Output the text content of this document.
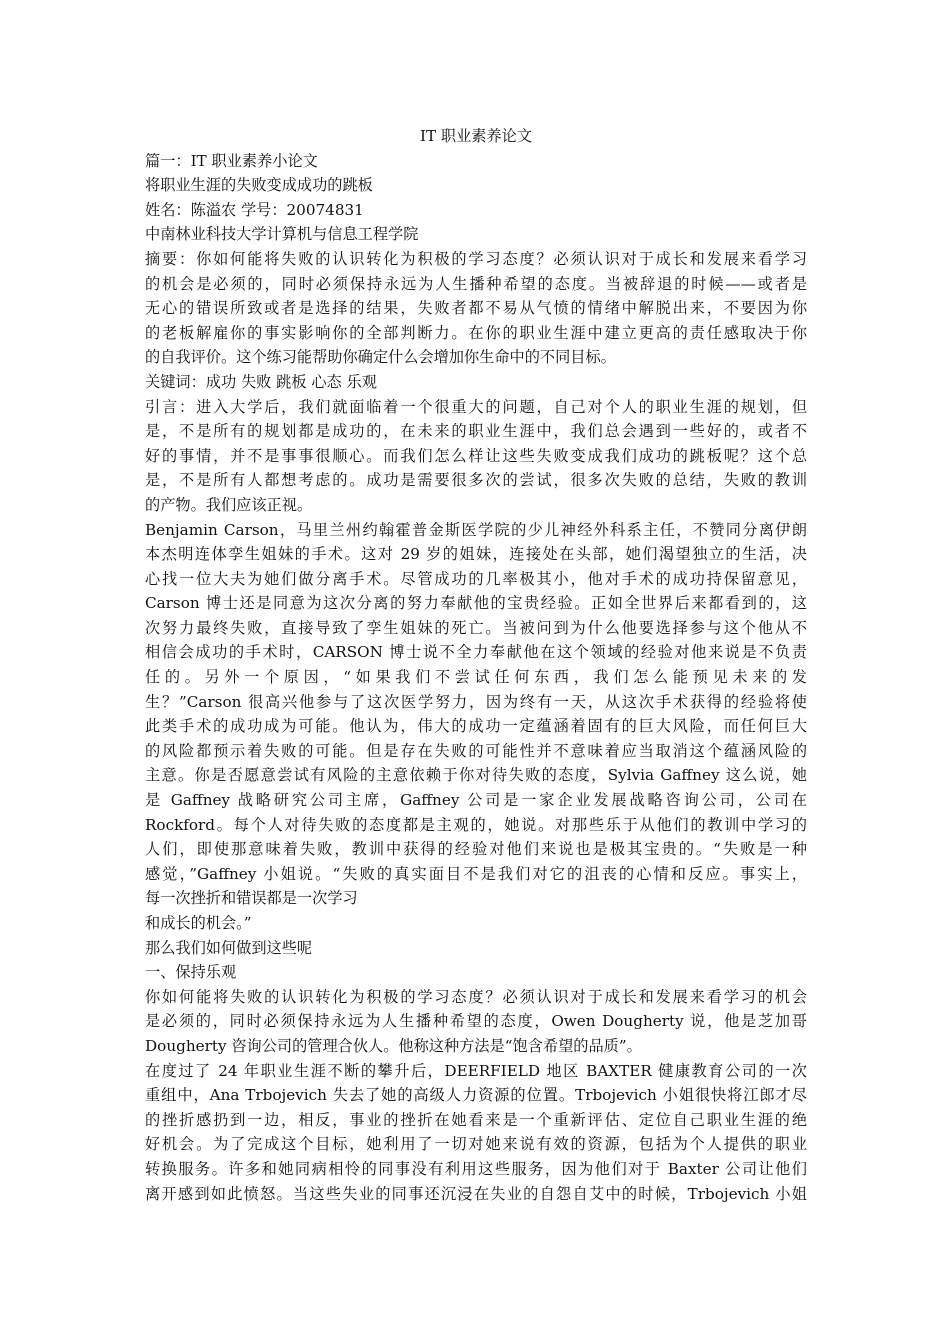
IT 职业素养论文
篇一：IT 职业素养小论文
将职业生涯的失败变成成功的跳板
姓名：陈溢农 学号：20074831
中南林业科技大学计算机与信息工程学院
摘要：你如何能将失败的认识转化为积极的学习态度？必须认识对于成长和发展来看学习
的机会是必须的，同时必须保持永远为人生播种希望的态度。当被辞退的时候——或者是
无心的错误所致或者是选择的结果，失败者都不易从气愤的情绪中解脱出来，不要因为你
的老板解雇你的事实影响你的全部判断力。在你的职业生涯中建立更高的责任感取决于你
的自我评价。这个练习能帮助你确定什么会增加你生命中的不同目标。
关键词：成功 失败 跳板 心态 乐观
引言：进入大学后，我们就面临着一个很重大的问题，自己对个人的职业生涯的规划，但
是，不是所有的规划都是成功的，在未来的职业生涯中，我们总会遇到一些好的，或者不
好的事情，并不是事事很顺心。而我们怎么样让这些失败变成我们成功的跳板呢？这个总
是，不是所有人都想考虑的。成功是需要很多次的尝试，很多次失败的总结，失败的教训
的产物。我们应该正视。
Benjamin Carson，马里兰州约翰霍普金斯医学院的少儿神经外科系主任，不赞同分离伊朗
本杰明连体孪生姐妹的手术。这对 29 岁的姐妹，连接处在头部，她们渴望独立的生活，决
心找一位大夫为她们做分离手术。尽管成功的几率极其小，他对手术的成功持保留意见，
Carson 博士还是同意为这次分离的努力奉献他的宝贵经验。正如全世界后来都看到的，这
次努力最终失败，直接导致了孪生姐妹的死亡。当被问到为什么他要选择参与这个他从不
相信会成功的手术时，CARSON 博士说不全力奉献他在这个领域的经验对他来说是不负责
任的。另外一个原因，“如果我们不尝试任何东西，我们怎么能预见未来的发
生？”Carson 很高兴他参与了这次医学努力，因为终有一天，从这次手术获得的经验将使
此类手术的成功成为可能。他认为，伟大的成功一定蕴涵着固有的巨大风险，而任何巨大
的风险都预示着失败的可能。但是存在失败的可能性并不意味着应当取消这个蕴涵风险的
主意。你是否愿意尝试有风险的主意依赖于你对待失败的态度，Sylvia Gaffney 这么说，她
是 Gaffney 战略研究公司主席，Gaffney 公司是一家企业发展战略咨询公司，公司在
Rockford。每个人对待失败的态度都是主观的，她说。对那些乐于从他们的教训中学习的
人们，即使那意味着失败，教训中获得的经验对他们来说也是极其宝贵的。“失败是一种
感觉，”Gaffney 小姐说。“失败的真实面目不是我们对它的沮丧的心情和反应。事实上，
每一次挫折和错误都是一次学习
和成长的机会。”
那么我们如何做到这些呢
一、保持乐观
你如何能将失败的认识转化为积极的学习态度？必须认识对于成长和发展来看学习的机会
是必须的，同时必须保持永远为人生播种希望的态度，Owen Dougherty 说，他是芝加哥
Dougherty 咨询公司的管理合伙人。他称这种方法是“饱含希望的品质”。
在度过了 24 年职业生涯不断的攀升后，DEERFIELD 地区 BAXTER 健康教育公司的一次
重组中，Ana Trbojevich 失去了她的高级人力资源的位置。Trbojevich 小姐很快将江郎才尽
的挫折感扔到一边，相反，事业的挫折在她看来是一个重新评估、定位自己职业生涯的绝
好机会。为了完成这个目标，她利用了一切对她来说有效的资源，包括为个人提供的职业
转换服务。许多和她同病相怜的同事没有利用这些服务，因为他们对于 Baxter 公司让他们
离开感到如此愤怒。当这些失业的同事还沉浸在失业的自怨自艾中的时候，Trbojevich 小姐
